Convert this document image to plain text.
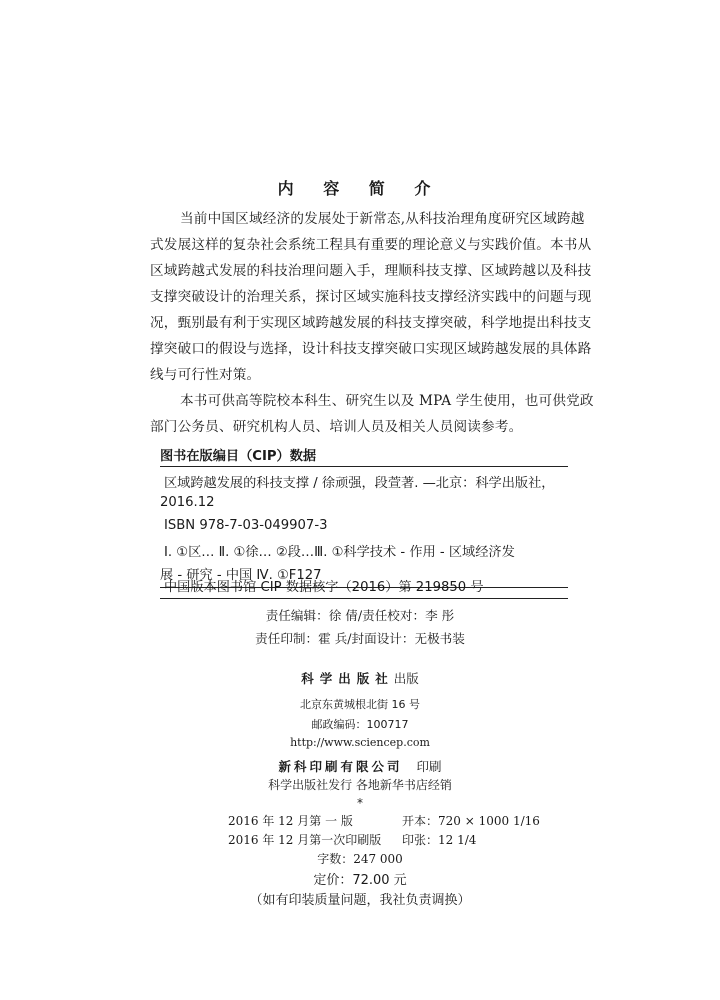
内 容 简 介
当前中国区域经济的发展处于新常态,从科技治理角度研究区域跨越
式发展这样的复杂社会系统工程具有重要的理论意义与实践价值。本书从
区域跨越式发展的科技治理问题入手，理顺科技支撑、区域跨越以及科技
支撑突破设计的治理关系，探讨区域实施科技支撑经济实践中的问题与现
况，甄别最有利于实现区域跨越发展的科技支撑突破，科学地提出科技支
撑突破口的假设与选择，设计科技支撑突破口实现区域跨越发展的具体路
线与可行性对策。
本书可供高等院校本科生、研究生以及 MPA 学生使用，也可供党政
部门公务员、研究机构人员、培训人员及相关人员阅读参考。
图书在版编目（CIP）数据
区域跨越发展的科技支撑 / 徐顽强，段萱著. —北京：科学出版社，
2016.12
ISBN 978-7-03-049907-3
Ⅰ. ①区… Ⅱ. ①徐… ②段…Ⅲ. ①科学技术 - 作用 - 区域经济发
展 - 研究 - 中国 Ⅳ. ①F127
中国版本图书馆 CIP 数据核字（2016）第 219850 号
责任编辑：徐 倩/责任校对：李 彤
责任印制：霍 兵/封面设计：无极书装
科学出版社出版
北京东黄城根北街 16 号
邮政编码：100717
http://www.sciencep.com
新科印刷有限公司 印刷
科学出版社发行 各地新华书店经销
*
2016 年 12 月第 一 版	开本：720 × 1000 1/16
2016 年 12 月第一次印刷版 印张：12 1/4
字数：247 000
定价：72.00 元
（如有印装质量问题，我社负责调换）
